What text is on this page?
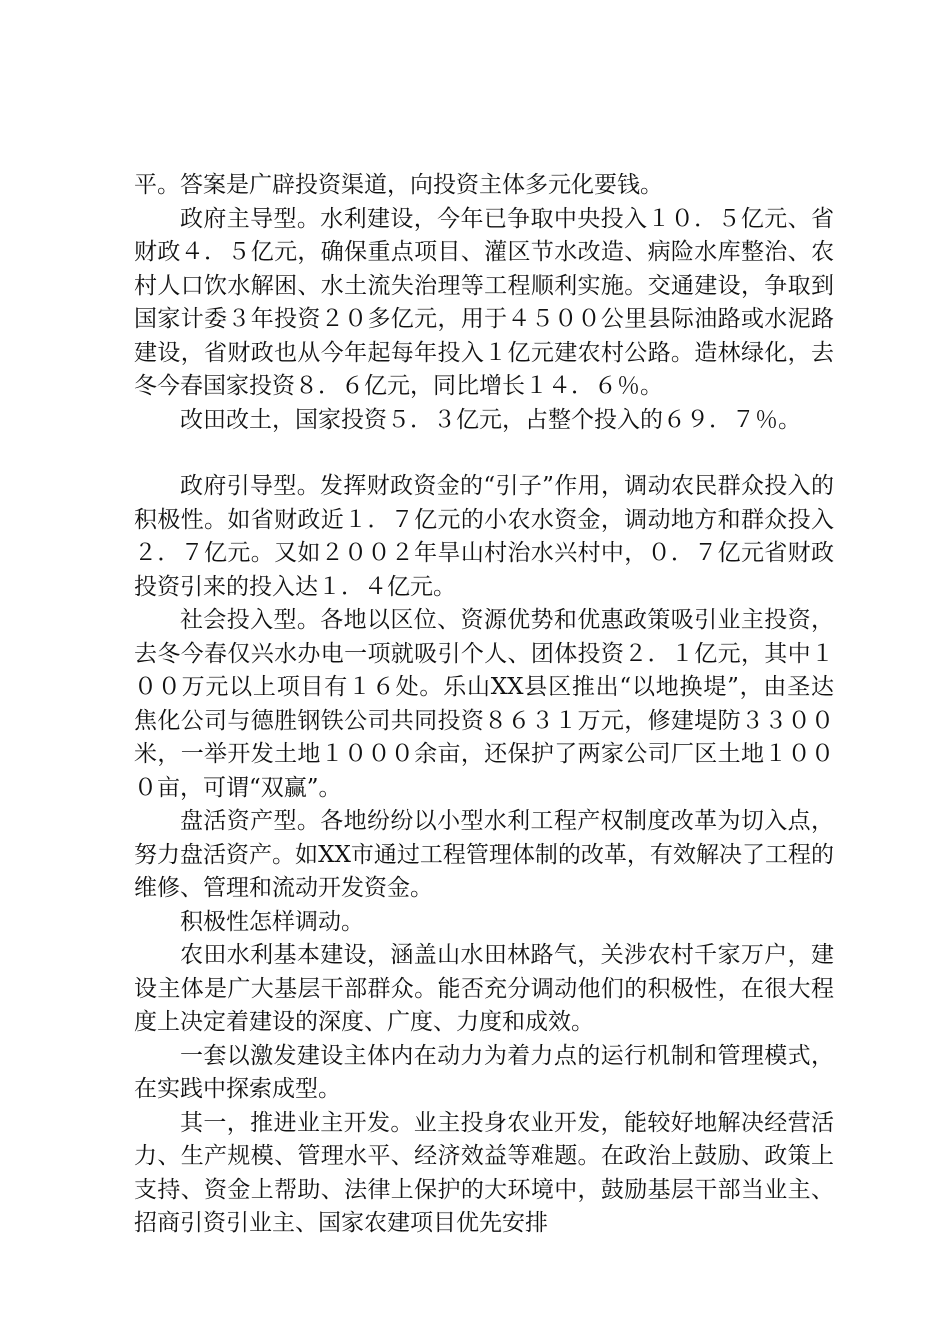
平。答案是广辟投资渠道，向投资主体多元化要钱。

政府主导型。水利建设，今年已争取中央投入１０．５亿元、省财政４．５亿元，确保重点项目、灌区节水改造、病险水库整治、农村人口饮水解困、水土流失治理等工程顺利实施。交通建设，争取到国家计委３年投资２０多亿元，用于４５００公里县际油路或水泥路建设，省财政也从今年起每年投入１亿元建农村公路。造林绿化，去冬今春国家投资８．６亿元，同比增长１４．６％。

改田改土，国家投资５．３亿元，占整个投入的６９．７％。

政府引导型。发挥财政资金的“引子”作用，调动农民群众投入的积极性。如省财政近１．７亿元的小农水资金，调动地方和群众投入２．７亿元。又如２００２年旱山村治水兴村中，０．７亿元省财政投资引来的投入达１．４亿元。

社会投入型。各地以区位、资源优势和优惠政策吸引业主投资，去冬今春仅兴水办电一项就吸引个人、团体投资２．１亿元，其中１００万元以上项目有１６处。乐山XX县区推出“以地换堤”，由圣达焦化公司与德胜钢铁公司共同投资８６３１万元，修建堤防３３００米，一举开发土地１０００余亩，还保护了两家公司厂区土地１０００亩，可谓“双赢”。

盘活资产型。各地纷纷以小型水利工程产权制度改革为切入点，努力盘活资产。如XX市通过工程管理体制的改革，有效解决了工程的维修、管理和流动开发资金。

积极性怎样调动。

农田水利基本建设，涵盖山水田林路气，关涉农村千家万户，建设主体是广大基层干部群众。能否充分调动他们的积极性，在很大程度上决定着建设的深度、广度、力度和成效。

一套以激发建设主体内在动力为着力点的运行机制和管理模式，在实践中探索成型。

其一，推进业主开发。业主投身农业开发，能较好地解决经营活力、生产规模、管理水平、经济效益等难题。在政治上鼓励、政策上支持、资金上帮助、法律上保护的大环境中，鼓励基层干部当业主、招商引资引业主、国家农建项目优先安排
